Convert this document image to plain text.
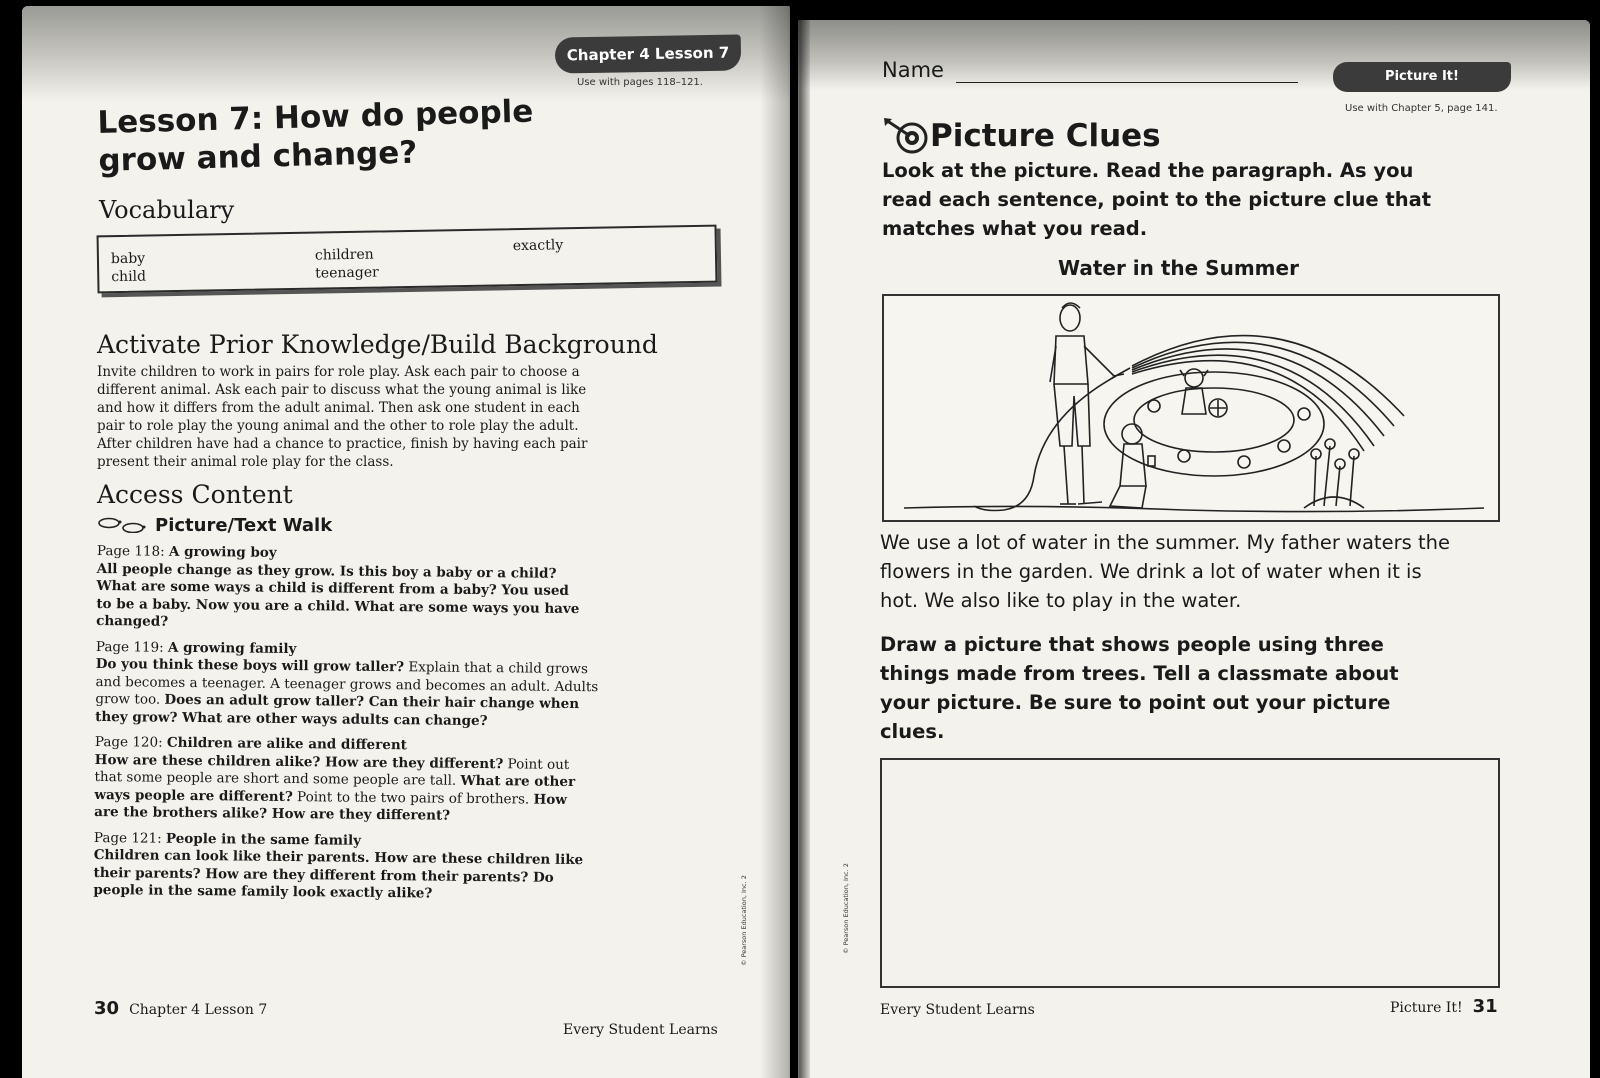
Chapter 4 Lesson 7
Use with pages 118–121.
Lesson 7: How do people
grow and change?
Vocabulary
baby
child
children
teenager
exactly
Activate Prior Knowledge/Build Background
Invite children to work in pairs for role play. Ask each pair to choose a
different animal. Ask each pair to discuss what the young animal is like
and how it differs from the adult animal. Then ask one student in each
pair to role play the young animal and the other to role play the adult.
After children have had a chance to practice, finish by having each pair
present their animal role play for the class.
Access Content
Picture/Text Walk
Page 118: A growing boy
All people change as they grow. Is this boy a baby or a child?
What are some ways a child is different from a baby? You used
to be a baby. Now you are a child. What are some ways you have
changed?
Page 119: A growing family
Do you think these boys will grow taller? Explain that a child grows
and becomes a teenager. A teenager grows and becomes an adult. Adults
grow too. Does an adult grow taller? Can their hair change when
they grow? What are other ways adults can change?
Page 120: Children are alike and different
How are these children alike? How are they different? Point out
that some people are short and some people are tall. What are other
ways people are different? Point to the two pairs of brothers. How
are the brothers alike? How are they different?
Page 121: People in the same family
Children can look like their parents. How are these children like
their parents? How are they different from their parents? Do
people in the same family look exactly alike?	© Pearson Education, Inc. 2
30 Chapter 4 Lesson 7
Every Student Learns
Name	Picture It!
Use with Chapter 5, page 141.
Picture Clues
Look at the picture. Read the paragraph. As you
read each sentence, point to the picture clue that
matches what you read.
Water in the Summer
We use a lot of water in the summer. My father waters the
flowers in the garden. We drink a lot of water when it is
hot. We also like to play in the water.
Draw a picture that shows people using three
things made from trees. Tell a classmate about
your picture. Be sure to point out your picture
clues.
© Pearson Education, Inc. 2
Every Student Learns	Picture It! 31
